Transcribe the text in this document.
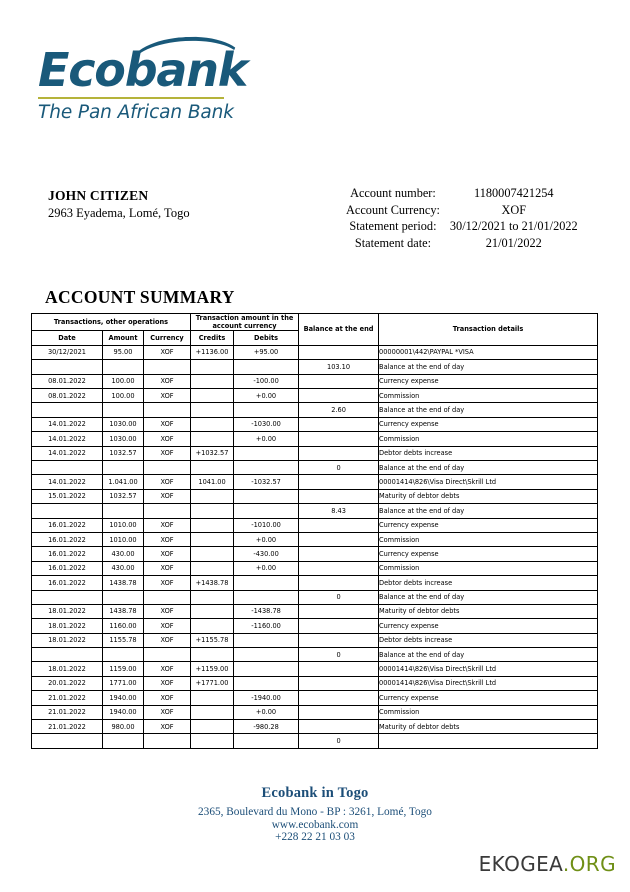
Ecobank
The Pan African Bank
JOHN CITIZEN
2963 Eyadema, Lomé, Togo
Account number:	1180007421254
Account Currency:	XOF
Statement period:	30/12/2021 to 21/01/2022
Statement date:	21/01/2022
ACCOUNT SUMMARY
Transactions, other operations			Transaction amount in the account currency		Balance at the end	Transaction details
Date	Amount	Currency	Credits	Debits		
30/12/2021	95.00	XOF	+1136.00	+95.00		00000001\442\PAYPAL *VISA
					103.10	Balance at the end of day
08.01.2022	100.00	XOF		-100.00		Currency expense
08.01.2022	100.00	XOF		+0.00		Commission
					2.60	Balance at the end of day
14.01.2022	1030.00	XOF		-1030.00		Currency expense
14.01.2022	1030.00	XOF		+0.00		Commission
14.01.2022	1032.57	XOF	+1032.57			Debtor debts increase
					0	Balance at the end of day
14.01.2022	1.041.00	XOF	1041.00	-1032.57		00001414\826\Visa Direct\Skrill Ltd
15.01.2022	1032.57	XOF				Maturity of debtor debts
					8.43	Balance at the end of day
16.01.2022	1010.00	XOF		-1010.00		Currency expense
16.01.2022	1010.00	XOF		+0.00		Commission
16.01.2022	430.00	XOF		-430.00		Currency expense
16.01.2022	430.00	XOF		+0.00		Commission
16.01.2022	1438.78	XOF	+1438.78			Debtor debts increase
					0	Balance at the end of day
18.01.2022	1438.78	XOF		-1438.78		Maturity of debtor debts
18.01.2022	1160.00	XOF		-1160.00		Currency expense
18.01.2022	1155.78	XOF	+1155.78			Debtor debts increase
					0	Balance at the end of day
18.01.2022	1159.00	XOF	+1159.00			00001414\826\Visa Direct\Skrill Ltd
20.01.2022	1771.00	XOF	+1771.00			00001414\826\Visa Direct\Skrill Ltd
21.01.2022	1940.00	XOF		-1940.00		Currency expense
21.01.2022	1940.00	XOF		+0.00		Commission
21.01.2022	980.00	XOF		-980.28		Maturity of debtor debts
					0	
Ecobank in Togo
2365, Boulevard du Mono - BP : 3261, Lomé, Togo
www.ecobank.com
+228 22 21 03 03
EKOGEA.ORG
